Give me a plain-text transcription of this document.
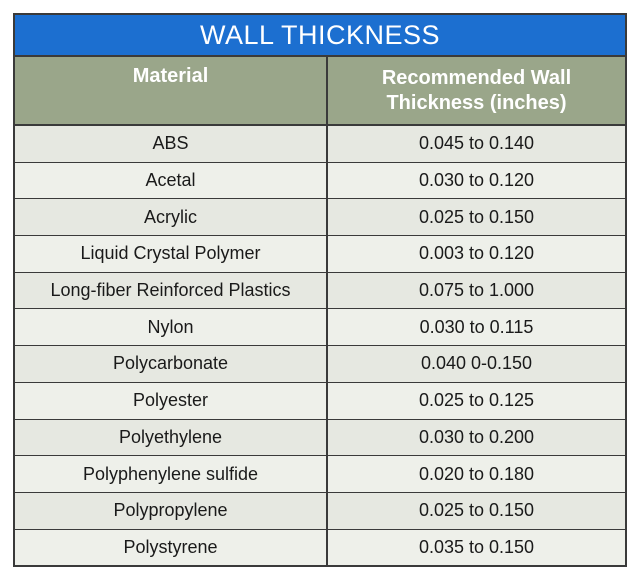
WALL THICKNESS
Material	Recommended Wall
Thickness (inches)

ABS	0.045 to 0.140
Acetal	0.030 to 0.120
Acrylic	0.025 to 0.150
Liquid Crystal Polymer	0.003 to 0.120
Long-fiber Reinforced Plastics	0.075 to 1.000
Nylon	0.030 to 0.115
Polycarbonate	0.040 0-0.150
Polyester	0.025 to 0.125
Polyethylene	0.030 to 0.200
Polyphenylene sulfide	0.020 to 0.180
Polypropylene	0.025 to 0.150
Polystyrene	0.035 to 0.150
